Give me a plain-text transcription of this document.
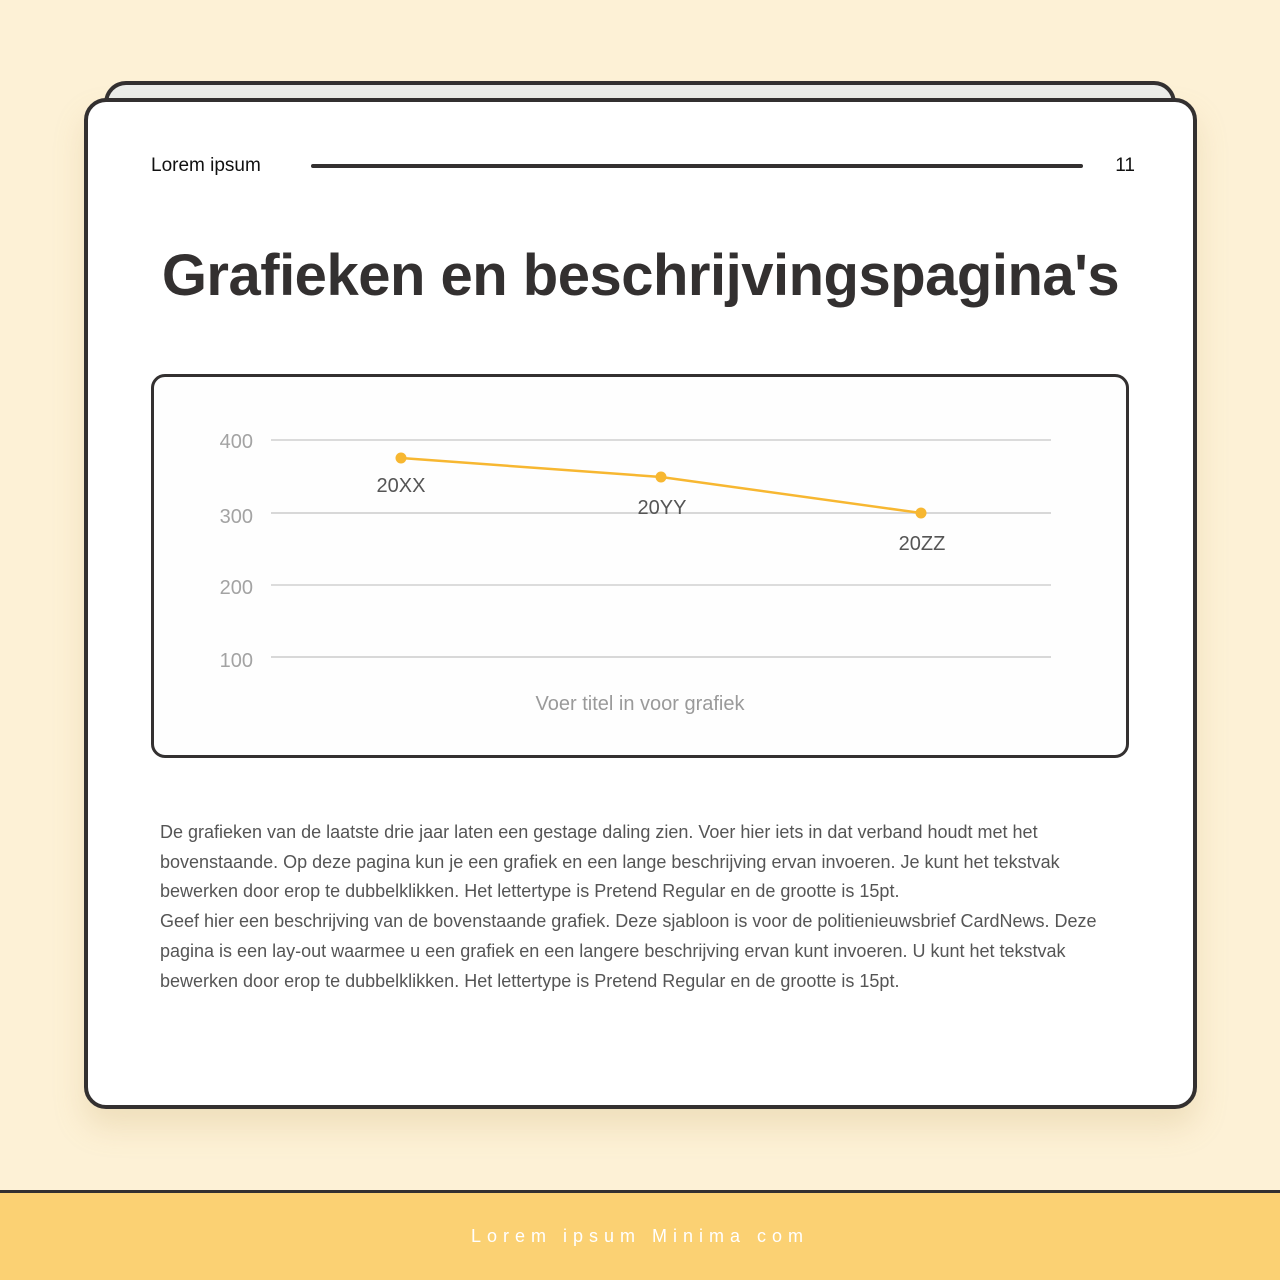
Lorem ipsum	11
Grafieken en beschrijvingspagina's
400
300
200
100
20XX
20YY
20ZZ
Voer titel in voor grafiek

De grafieken van de laatste drie jaar laten een gestage daling zien. Voer hier iets in dat verband houdt met het bovenstaande. Op deze pagina kun je een grafiek en een lange beschrijving ervan invoeren. Je kunt het tekstvak bewerken door erop te dubbelklikken. Het lettertype is Pretend Regular en de grootte is 15pt.

Geef hier een beschrijving van de bovenstaande grafiek. Deze sjabloon is voor de politienieuwsbrief CardNews. Deze pagina is een lay-out waarmee u een grafiek en een langere beschrijving ervan kunt invoeren. U kunt het tekstvak bewerken door erop te dubbelklikken. Het lettertype is Pretend Regular en de grootte is 15pt.

Lorem ipsum Minima com
